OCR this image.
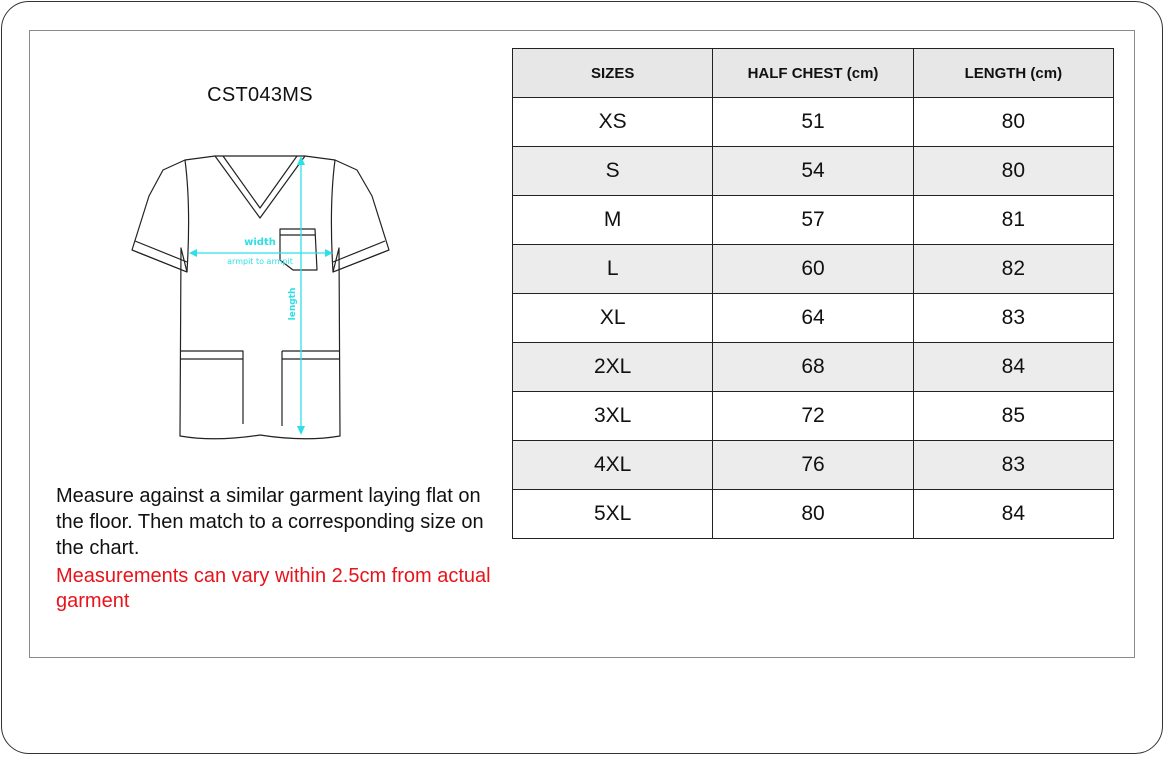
CST043MS
width
armpit to armpit
length

Measure against a similar garment laying flat on the floor. Then match to a corresponding size on the chart.

Measurements can vary within 2.5cm from actual garment

SIZES	HALF CHEST (cm)	LENGTH (cm)
XS	51	80
S	54	80
M	57	81
L	60	82
XL	64	83
2XL	68	84
3XL	72	85
4XL	76	83
5XL	80	84
